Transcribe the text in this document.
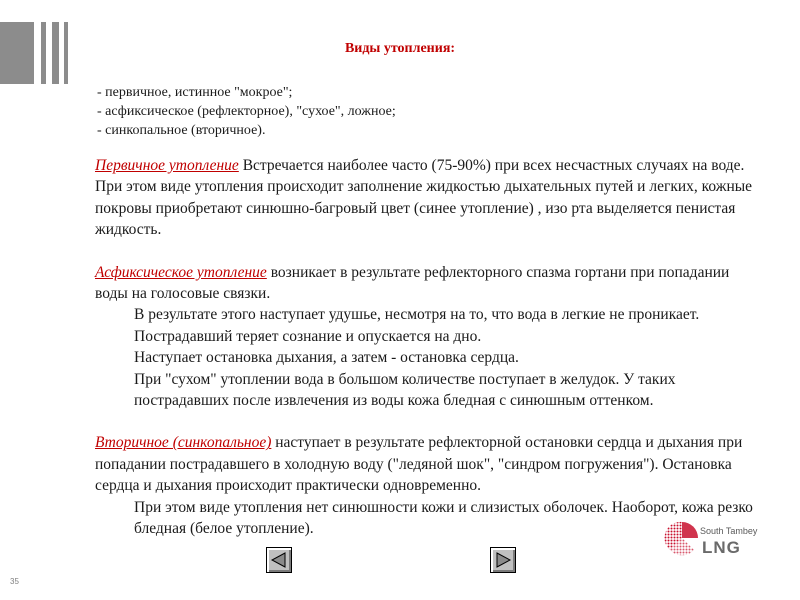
Виды утопления:
- первичное, истинное "мокрое";
- асфиксическое (рефлекторное), "сухое", ложное;
- синкопальное (вторичное).

Первичное утопление Встречается наиболее часто (75-90%) при всех несчастных случаях на воде. При этом виде утопления происходит заполнение жидкостью дыхательных путей и легких, кожные покровы приобретают синюшно-багровый цвет (синее утопление) , изо рта выделяется пенистая жидкость.

Асфиксическое утопление возникает в результате рефлекторного спазма гортани при попадании воды на голосовые связки.

В результате этого наступает удушье, несмотря на то, что вода в легкие не проникает. Пострадавший теряет сознание и опускается на дно.

Наступает остановка дыхания, а затем - остановка сердца.

При "сухом" утоплении вода в большом количестве поступает в желудок. У таких пострадавших после извлечения из воды кожа бледная с синюшным оттенком.

Вторичное (синкопальное) наступает в результате рефлекторной остановки сердца и дыхания при попадании пострадавшего в холодную воду ("ледяной шок", "синдром погружения"). Остановка сердца и дыхания происходит практически одновременно.

При этом виде утопления нет синюшности кожи и слизистых оболочек. Наоборот, кожа резко бледная (белое утопление).

35
South Tambey
LNG
